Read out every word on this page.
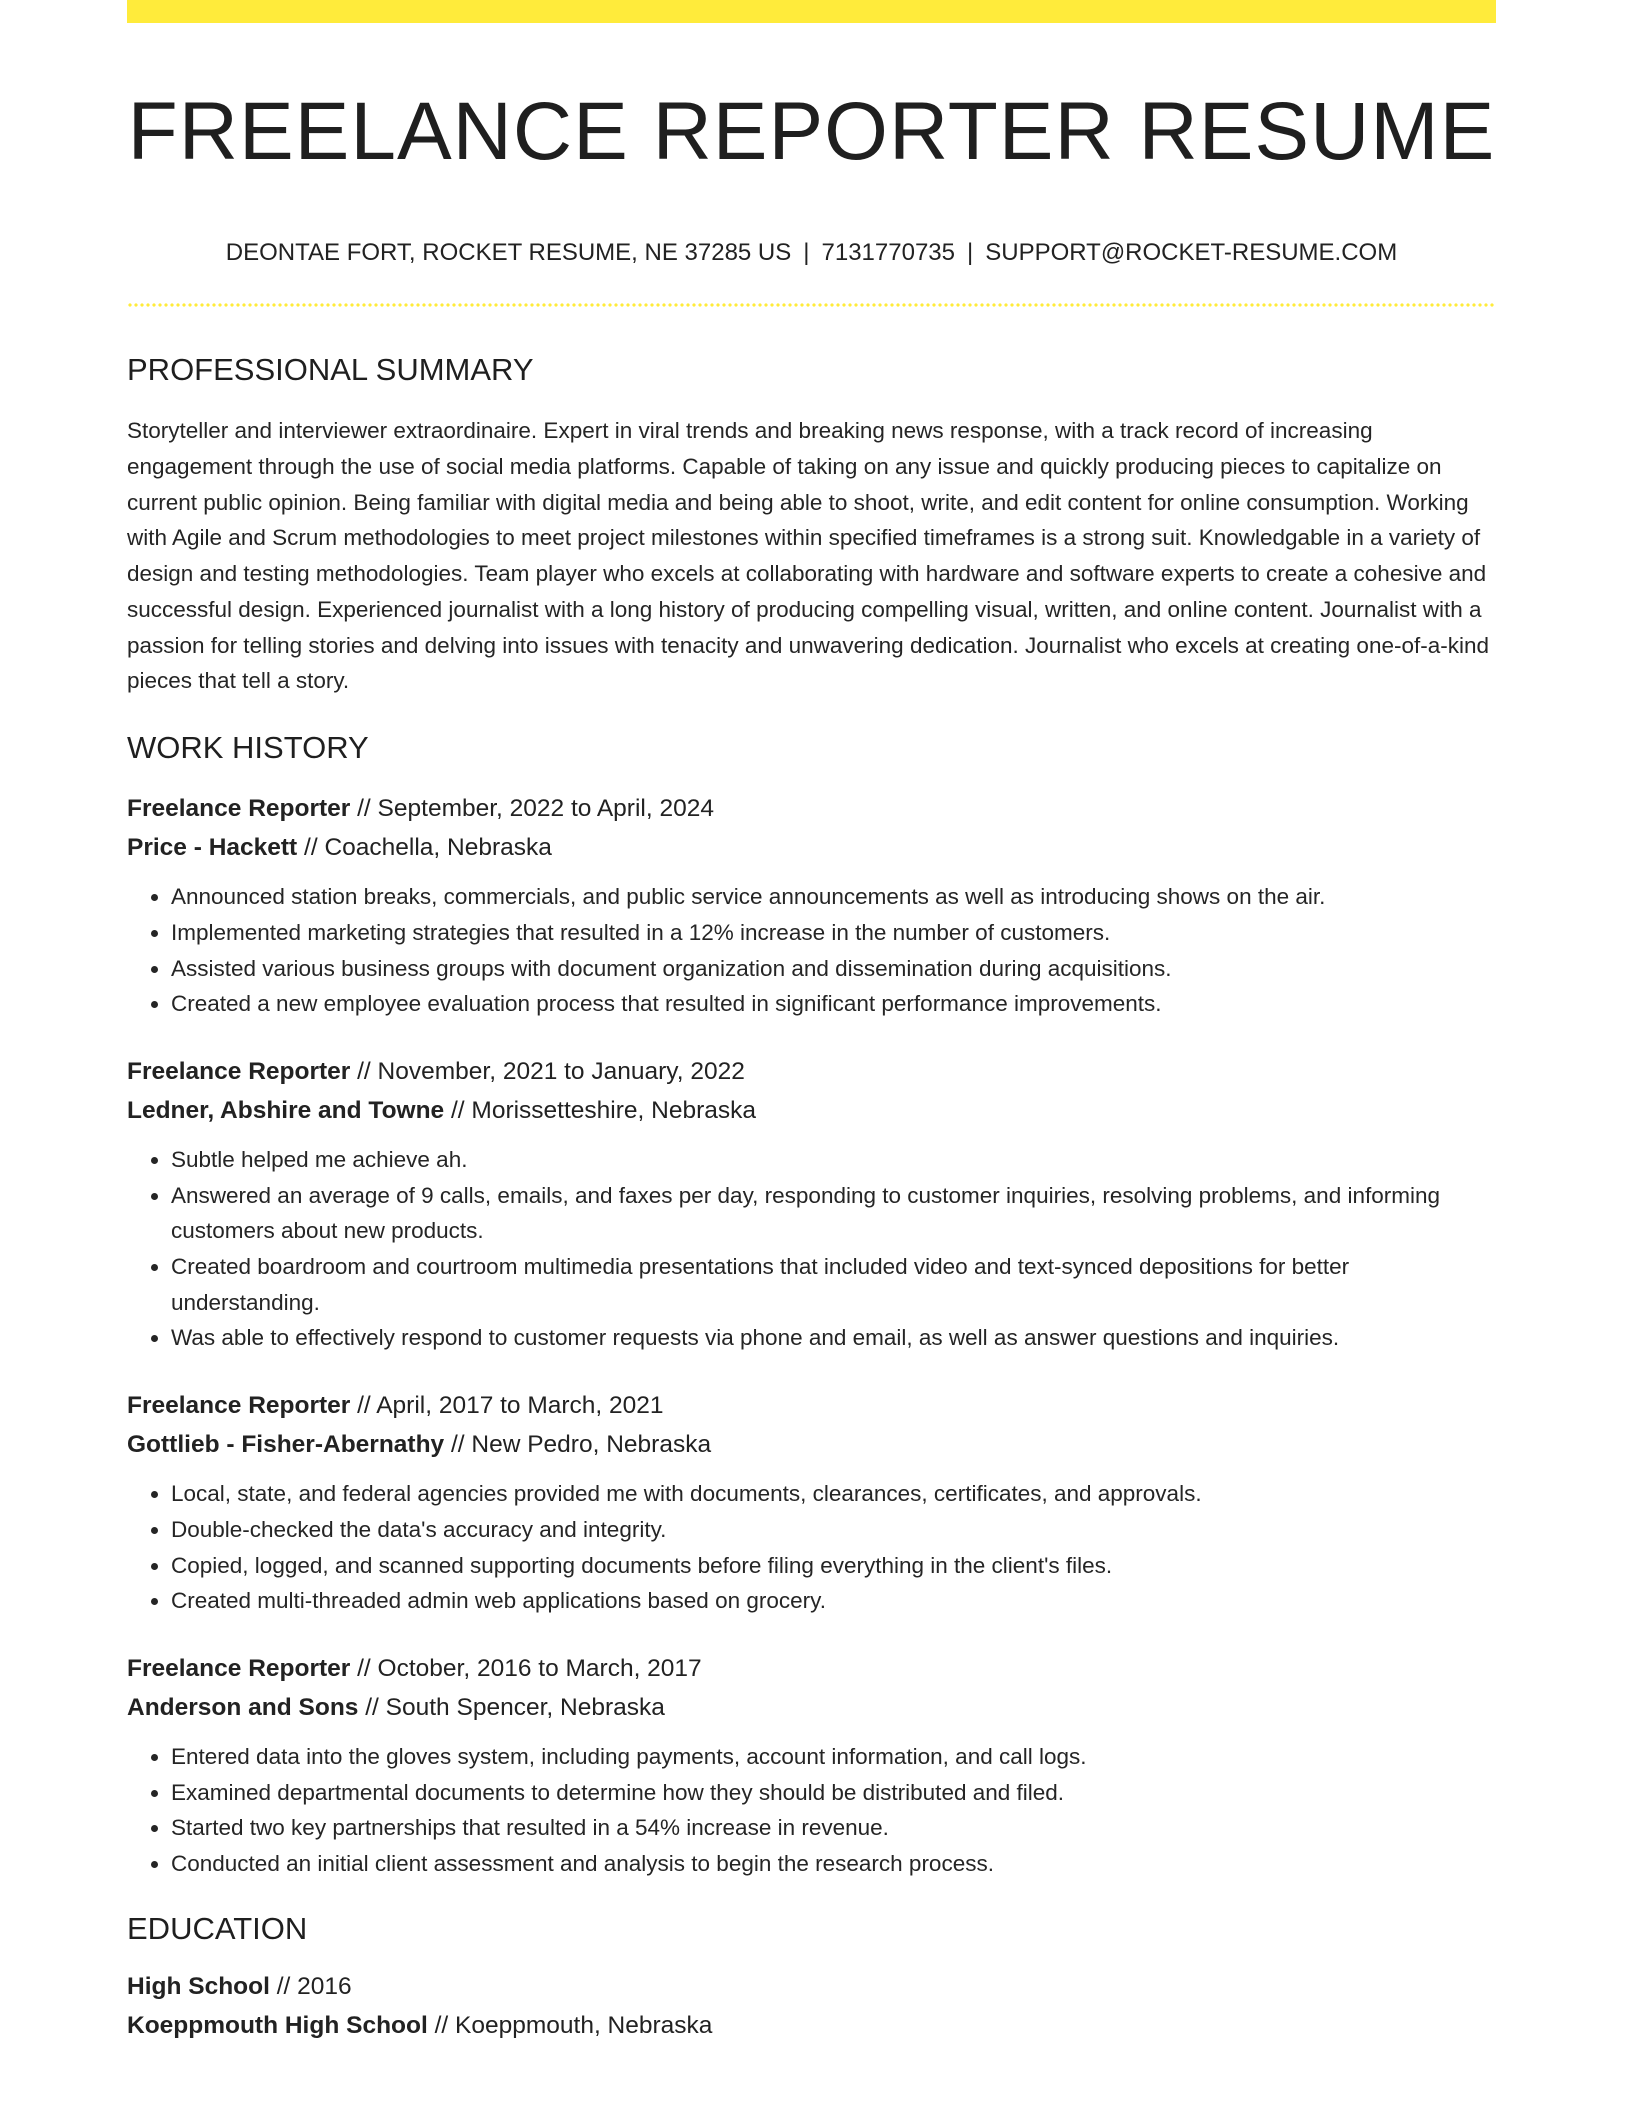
FREELANCE REPORTER RESUME
DEONTAE FORT, ROCKET RESUME, NE 37285 US | 7131770735 | SUPPORT@ROCKET-RESUME.COM
PROFESSIONAL SUMMARY

Storyteller and interviewer extraordinaire. Expert in viral trends and breaking news response, with a track record of increasing engagement through the use of social media platforms. Capable of taking on any issue and quickly producing pieces to capitalize on current public opinion. Being familiar with digital media and being able to shoot, write, and edit content for online consumption. Working with Agile and Scrum methodologies to meet project milestones within specified timeframes is a strong suit. Knowledgable in a variety of design and testing methodologies. Team player who excels at collaborating with hardware and software experts to create a cohesive and successful design. Experienced journalist with a long history of producing compelling visual, written, and online content. Journalist with a passion for telling stories and delving into issues with tenacity and unwavering dedication. Journalist who excels at creating one-of-a-kind pieces that tell a story.

WORK HISTORY
Freelance Reporter // September, 2022 to April, 2024
Price - Hackett // Coachella, Nebraska
• Announced station breaks, commercials, and public service announcements as well as introducing shows on the air.
• Implemented marketing strategies that resulted in a 12% increase in the number of customers.
• Assisted various business groups with document organization and dissemination during acquisitions.
• Created a new employee evaluation process that resulted in significant performance improvements.
Freelance Reporter // November, 2021 to January, 2022
Ledner, Abshire and Towne // Morissetteshire, Nebraska
• Subtle helped me achieve ah.
• Answered an average of 9 calls, emails, and faxes per day, responding to customer inquiries, resolving problems, and informing customers about new products.
• Created boardroom and courtroom multimedia presentations that included video and text-synced depositions for better understanding.
• Was able to effectively respond to customer requests via phone and email, as well as answer questions and inquiries.
Freelance Reporter // April, 2017 to March, 2021
Gottlieb - Fisher-Abernathy // New Pedro, Nebraska
• Local, state, and federal agencies provided me with documents, clearances, certificates, and approvals.
• Double-checked the data's accuracy and integrity.
• Copied, logged, and scanned supporting documents before filing everything in the client's files.
• Created multi-threaded admin web applications based on grocery.
Freelance Reporter // October, 2016 to March, 2017
Anderson and Sons // South Spencer, Nebraska
• Entered data into the gloves system, including payments, account information, and call logs.
• Examined departmental documents to determine how they should be distributed and filed.
• Started two key partnerships that resulted in a 54% increase in revenue.
• Conducted an initial client assessment and analysis to begin the research process.
EDUCATION
High School // 2016
Koeppmouth High School // Koeppmouth, Nebraska
